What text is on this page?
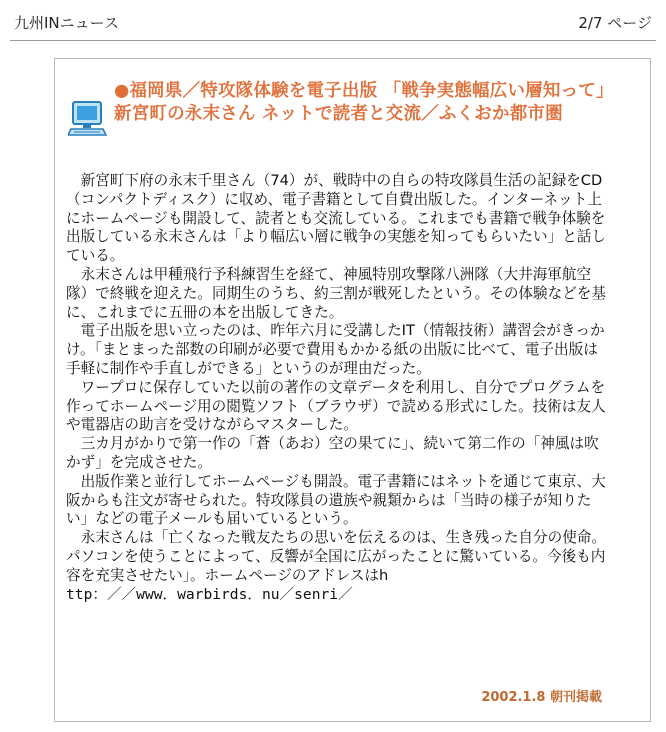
九州INニュース	2/7 ページ
●福岡県／特攻隊体験を電子出版 「戦争実態幅広い層知って」 新宮町の永末さん ネットで読者と交流／ふくおか都市圏

新宮町下府の永末千里さん（74）が、戦時中の自らの特攻隊員生活の記録をCD（コンパクトディスク）に収め、電子書籍として自費出版した。インターネット上にホームページも開設して、読者とも交流している。これまでも書籍で戦争体験を出版している永末さんは「より幅広い層に戦争の実態を知ってもらいたい」と話している。

永末さんは甲種飛行予科練習生を経て、神風特別攻撃隊八洲隊（大井海軍航空隊）で終戦を迎えた。同期生のうち、約三割が戦死したという。その体験などを基に、これまでに五冊の本を出版してきた。

電子出版を思い立ったのは、昨年六月に受講したIT（情報技術）講習会がきっかけ。「まとまった部数の印刷が必要で費用もかかる紙の出版に比べて、電子出版は手軽に制作や手直しができる」というのが理由だった。

ワープロに保存していた以前の著作の文章データを利用し、自分でプログラムを作ってホームページ用の閲覧ソフト（ブラウザ）で読める形式にした。技術は友人や電器店の助言を受けながらマスターした。

三カ月がかりで第一作の「蒼（あお）空の果てに」、続いて第二作の「神風は吹かず」を完成させた。

出版作業と並行してホームページも開設。電子書籍にはネットを通じて東京、大阪からも注文が寄せられた。特攻隊員の遺族や親類からは「当時の様子が知りたい」などの電子メールも届いているという。

永末さんは「亡くなった戦友たちの思いを伝えるのは、生き残った自分の使命。パソコンを使うことによって、反響が全国に広がったことに驚いている。今後も内容を充実させたい」。ホームページのアドレスはh

ttp：／／www．warbirds．nu／senri／
2002.1.8 朝刊掲載
